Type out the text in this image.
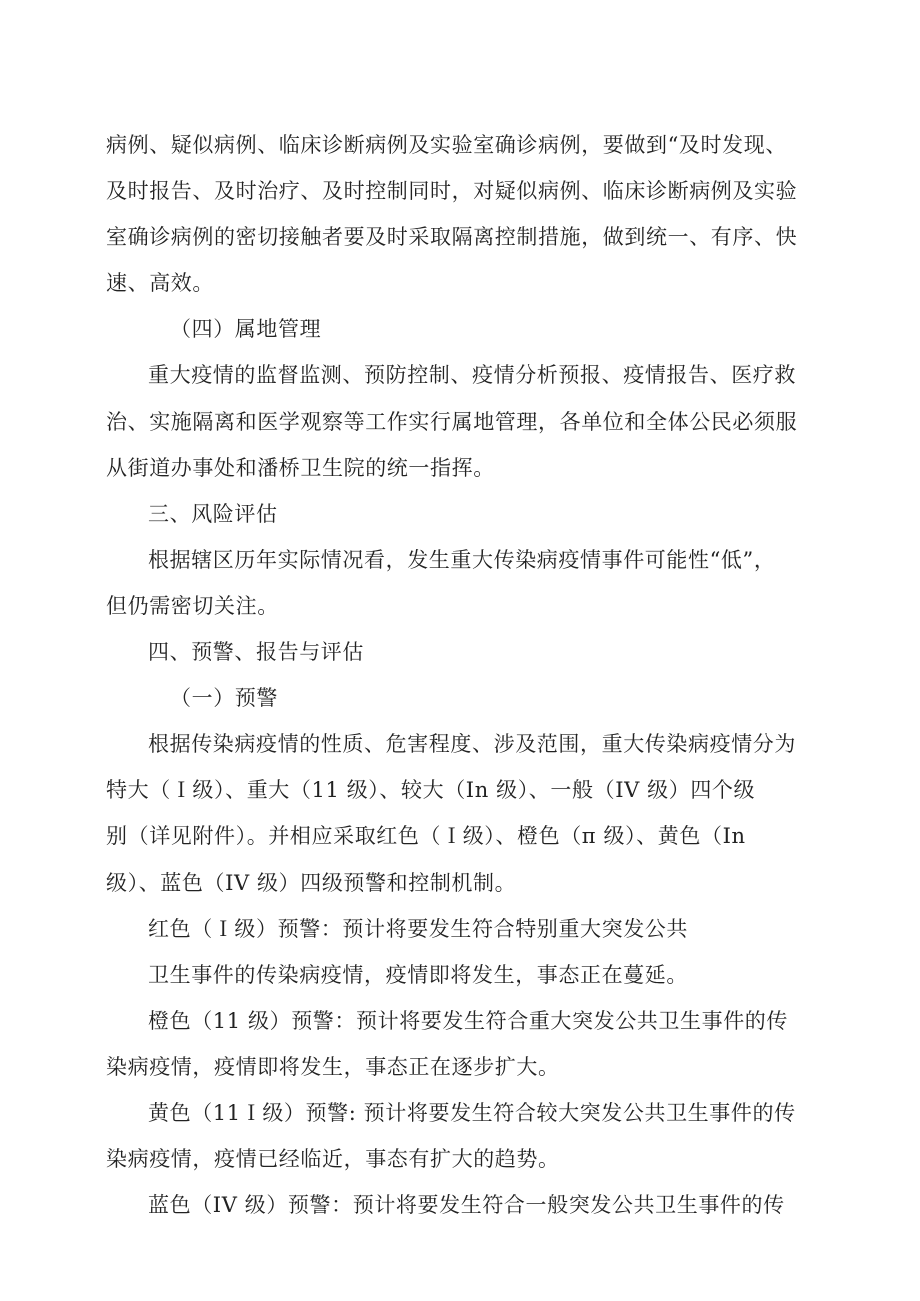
病例、疑似病例、临床诊断病例及实验室确诊病例，要做到“及时发现、
及时报告、及时治疗、及时控制同时，对疑似病例、临床诊断病例及实验
室确诊病例的密切接触者要及时采取隔离控制措施，做到统一、有序、快
速、高效。

（四）属地管理

重大疫情的监督监测、预防控制、疫情分析预报、疫情报告、医疗救

治、实施隔离和医学观察等工作实行属地管理，各单位和全体公民必须服
从街道办事处和潘桥卫生院的统一指挥。

三、风险评估

根据辖区历年实际情况看，发生重大传染病疫情事件可能性“低”，

但仍需密切关注。

四、预警、报告与评估

（一）预警

根据传染病疫情的性质、危害程度、涉及范围，重大传染病疫情分为

特大（Ｉ级）、重大（11 级）、较大（In 级）、一般（IV 级）四个级
别（详见附件）。并相应采取红色（Ｉ级）、橙色（π 级）、黄色（In
级）、蓝色（IV 级）四级预警和控制机制。

红色（Ｉ级）预警：预计将要发生符合特别重大突发公共

卫生事件的传染病疫情，疫情即将发生，事态正在蔓延。

橙色（11 级）预警：预计将要发生符合重大突发公共卫生事件的传

染病疫情，疫情即将发生，事态正在逐步扩大。

黄色（11Ｉ级）预警: 预计将要发生符合较大突发公共卫生事件的传

染病疫情，疫情已经临近，事态有扩大的趋势。

蓝色（IV 级）预警：预计将要发生符合一般突发公共卫生事件的传
